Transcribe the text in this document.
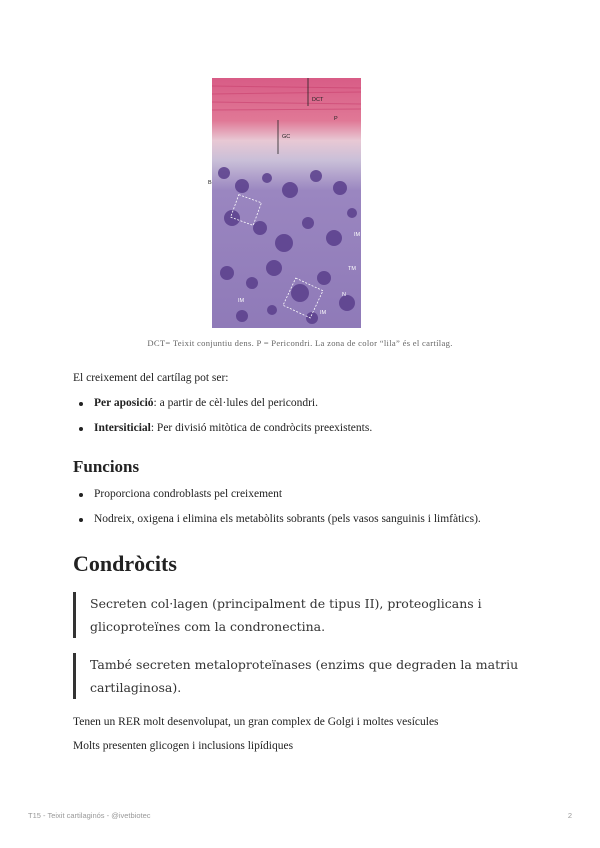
DCT
P
GC
B
IM
TM
N
IM
IM
DCT= Teixit conjuntiu dens. P = Pericondri. La zona de color “lila” és el cartílag.
El creixement del cartílag pot ser:
Per aposició: a partir de cèl·lules del pericondri.
Intersiticial: Per divisió mitòtica de condròcits preexistents.
Funcions
Proporciona condroblasts pel creixement
Nodreix, oxigena i elimina els metabòlits sobrants (pels vasos sanguinis i limfàtics).
Condròcits
Secreten col·lagen (principalment de tipus II), proteoglicans i glicoproteïnes com la condronectina.
També secreten metaloproteïnases (enzims que degraden la matriu cartilaginosa).
Tenen un RER molt desenvolupat, un gran complex de Golgi i moltes vesícules
Molts presenten glicogen i inclusions lipídiques
T15 - Teixit cartilaginós - @ivetbiotec	2
